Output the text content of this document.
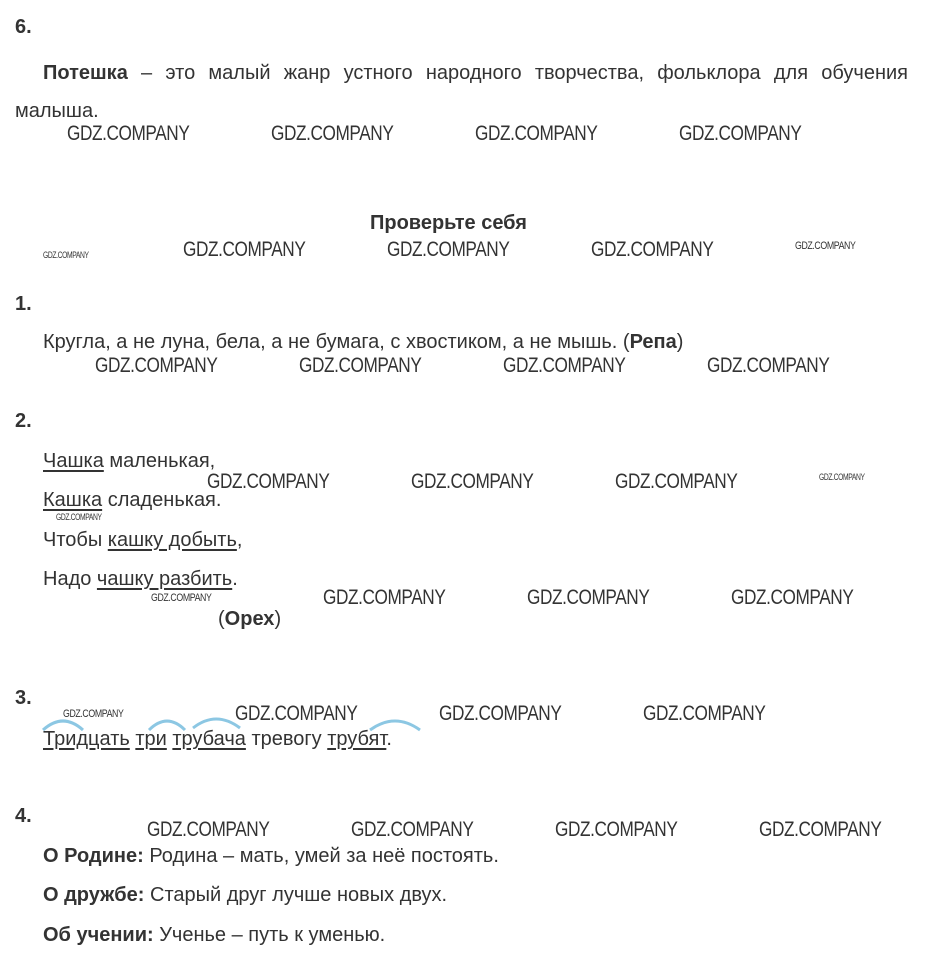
6.
Потешка – это малый жанр устного народного творчества, фольклора для обучения малыша.
Проверьте себя
1.
Кругла, а не луна, бела, а не бумага, с хвостиком, а не мышь. (Репа)
2.
Чашка маленькая,
Кашка сладенькая.
Чтобы кашку добыть,
Надо чашку разбить.
(Орех)
3.
Тридцать три трубача тревогу трубят.
4.
О Родине: Родина – мать, умей за неё постоять.
О дружбе: Старый друг лучше новых двух.
Об учении: Ученье – путь к уменью.
GDZ.COMPANY	GDZ.COMPANY	GDZ.COMPANY	GDZ.COMPANY
GDZ.COMPANY	GDZ.COMPANY	GDZ.COMPANY	GDZ.COMPANY	GDZ.COMPANY
GDZ.COMPANY	GDZ.COMPANY	GDZ.COMPANY	GDZ.COMPANY
GDZ.COMPANY	GDZ.COMPANY	GDZ.COMPANY	GDZ.COMPANY
GDZ.COMPANY
GDZ.COMPANY	GDZ.COMPANY	GDZ.COMPANY	GDZ.COMPANY
GDZ.COMPANY	GDZ.COMPANY	GDZ.COMPANY	GDZ.COMPANY
GDZ.COMPANY	GDZ.COMPANY	GDZ.COMPANY	GDZ.COMPANY
